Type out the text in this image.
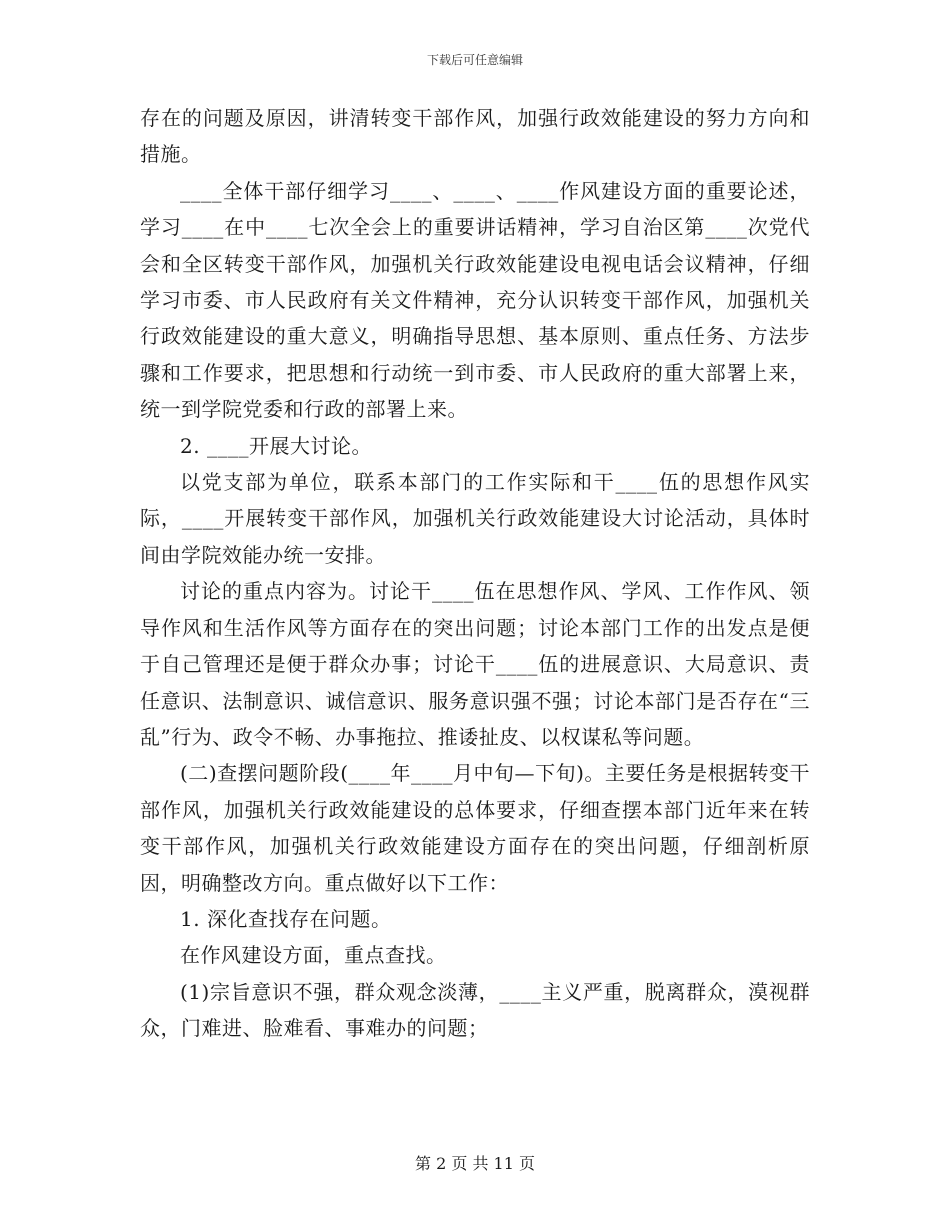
下载后可任意编辑

存在的问题及原因，讲清转变干部作风，加强行政效能建设的努力方向和措施。

____全体干部仔细学习____、____、____作风建设方面的重要论述，学习____在中____七次全会上的重要讲话精神，学习自治区第____次党代会和全区转变干部作风，加强机关行政效能建设电视电话会议精神，仔细学习市委、市人民政府有关文件精神，充分认识转变干部作风，加强机关行政效能建设的重大意义，明确指导思想、基本原则、重点任务、方法步骤和工作要求，把思想和行动统一到市委、市人民政府的重大部署上来，统一到学院党委和行政的部署上来。

2. ____开展大讨论。

以党支部为单位，联系本部门的工作实际和干____伍的思想作风实际，____开展转变干部作风，加强机关行政效能建设大讨论活动，具体时间由学院效能办统一安排。

讨论的重点内容为。讨论干____伍在思想作风、学风、工作作风、领导作风和生活作风等方面存在的突出问题；讨论本部门工作的出发点是便于自己管理还是便于群众办事；讨论干____伍的进展意识、大局意识、责任意识、法制意识、诚信意识、服务意识强不强；讨论本部门是否存在“三乱”行为、政令不畅、办事拖拉、推诿扯皮、以权谋私等问题。

(二)查摆问题阶段(____年____月中旬—下旬)。主要任务是根据转变干部作风，加强机关行政效能建设的总体要求，仔细查摆本部门近年来在转变干部作风，加强机关行政效能建设方面存在的突出问题，仔细剖析原因，明确整改方向。重点做好以下工作：

1. 深化查找存在问题。

在作风建设方面，重点查找。

(1)宗旨意识不强，群众观念淡薄，____主义严重，脱离群众，漠视群众，门难进、脸难看、事难办的问题；

第 2 页 共 11 页
